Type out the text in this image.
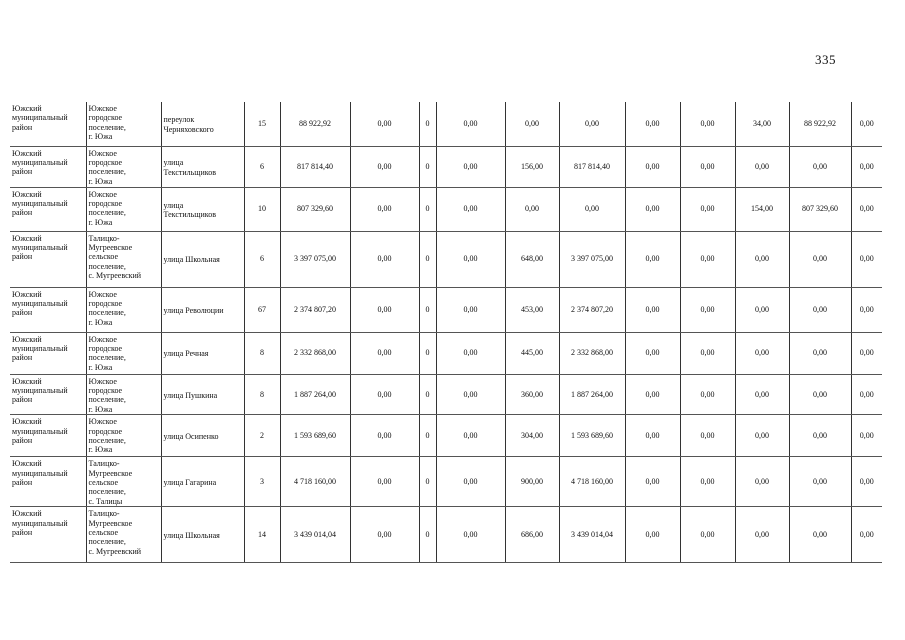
335
Южский
муниципальный
район	Южское
городское
поселение,
г. Южа	переулок
Черняховского	15	88 922,92	0,00	0	0,00	0,00	0,00	0,00	0,00	34,00	88 922,92	0,00

Южский
муниципальный
район	Южское
городское
поселение,
г. Южа	улица
Текстильщиков	6	817 814,40	0,00	0	0,00	156,00	817 814,40	0,00	0,00	0,00	0,00	0,00

Южский
муниципальный
район	Южское
городское
поселение,
г. Южа	улица
Текстильщиков	10	807 329,60	0,00	0	0,00	0,00	0,00	0,00	0,00	154,00	807 329,60	0,00

Южский
муниципальный
район	Талицко-
Мугреевское
сельское
поселение,
с. Мугреевский	улица Школьная	6	3 397 075,00	0,00	0	0,00	648,00	3 397 075,00	0,00	0,00	0,00	0,00	0,00

Южский
муниципальный
район	Южское
городское
поселение,
г. Южа	улица Революции	67	2 374 807,20	0,00	0	0,00	453,00	2 374 807,20	0,00	0,00	0,00	0,00	0,00

Южский
муниципальный
район	Южское
городское
поселение,
г. Южа	улица Речная	8	2 332 868,00	0,00	0	0,00	445,00	2 332 868,00	0,00	0,00	0,00	0,00	0,00

Южский
муниципальный
район	Южское
городское
поселение,
г. Южа	улица Пушкина	8	1 887 264,00	0,00	0	0,00	360,00	1 887 264,00	0,00	0,00	0,00	0,00	0,00

Южский
муниципальный
район	Южское
городское
поселение,
г. Южа	улица Осипенко	2	1 593 689,60	0,00	0	0,00	304,00	1 593 689,60	0,00	0,00	0,00	0,00	0,00

Южский
муниципальный
район	Талицко-
Мугреевское
сельское
поселение,
с. Талицы	улица Гагарина	3	4 718 160,00	0,00	0	0,00	900,00	4 718 160,00	0,00	0,00	0,00	0,00	0,00

Южский
муниципальный
район	Талицко-
Мугреевское
сельское
поселение,
с. Мугреевский	улица Школьная	14	3 439 014,04	0,00	0	0,00	686,00	3 439 014,04	0,00	0,00	0,00	0,00	0,00
